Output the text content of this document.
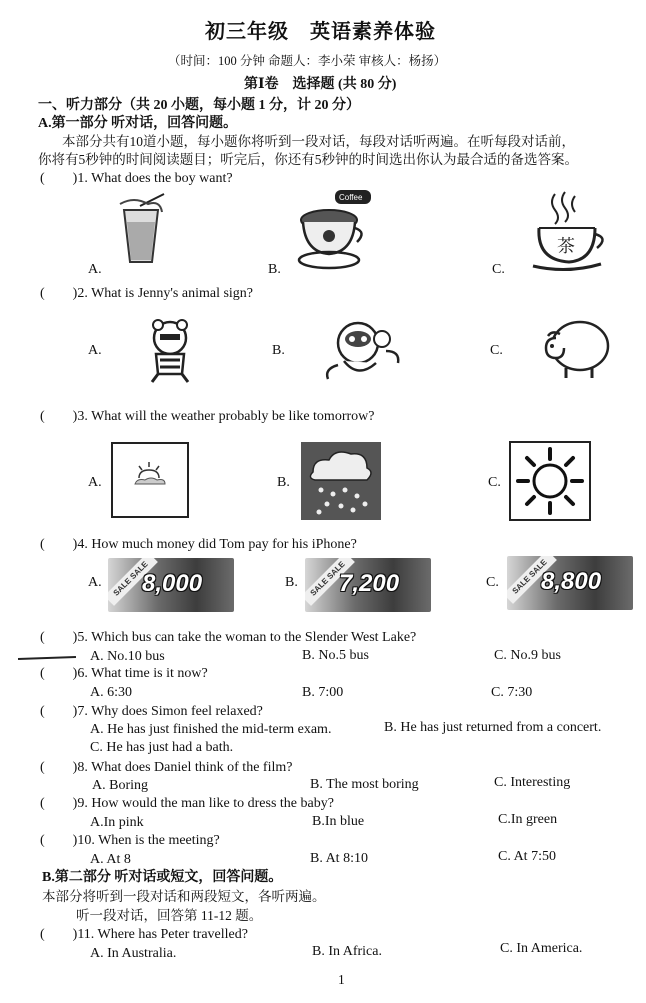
初三年级　英语素养体验
（时间：100 分钟 命题人：李小荣 审核人：杨扬）
第Ⅰ卷　选择题 (共 80 分)
一、听力部分（共 20 小题，每小题 1 分，计 20 分）
A.第一部分 听对话，回答问题。
本部分共有10道小题，每小题你将听到一段对话，每段对话听两遍。在听每段对话前，
你将有5秒钟的时间阅读题目；听完后，你还有5秒钟的时间选出你认为最合适的备选答案。
(　　)1. What does the boy want?
A.	B.
Coffee
C.
茶
(　　)2. What is Jenny's animal sign?
A.	B.	C.
(　　)3. What will the weather probably be like tomorrow?
A.	B.	C.
(　　)4. How much money did Tom pay for his iPhone?
A.	SALE SALE
8,000	B.	SALE SALE
7,200	C.	SALE SALE
8,800
(　　)5. Which bus can take the woman to the Slender West Lake?
A. No.10 bus	B. No.5 bus	C. No.9 bus
(　　)6. What time is it now?
A. 6:30	B. 7:00	C. 7:30
(　　)7. Why does Simon feel relaxed?
A. He has just finished the mid-term exam.	B. He has just returned from a concert.
C. He has just had a bath.
(　　)8. What does Daniel think of the film?
A. Boring	B. The most boring	C. Interesting
(　　)9. How would the man like to dress the baby?
A.In pink	B.In blue	C.In green
(　　)10. When is the meeting?
A. At 8	B. At 8:10	C. At 7:50
B.第二部分 听对话或短文，回答问题。
本部分将听到一段对话和两段短文，各听两遍。
听一段对话，回答第 11-12 题。
(　　)11. Where has Peter travelled?
A. In Australia.	B. In Africa.	C. In America.
1
